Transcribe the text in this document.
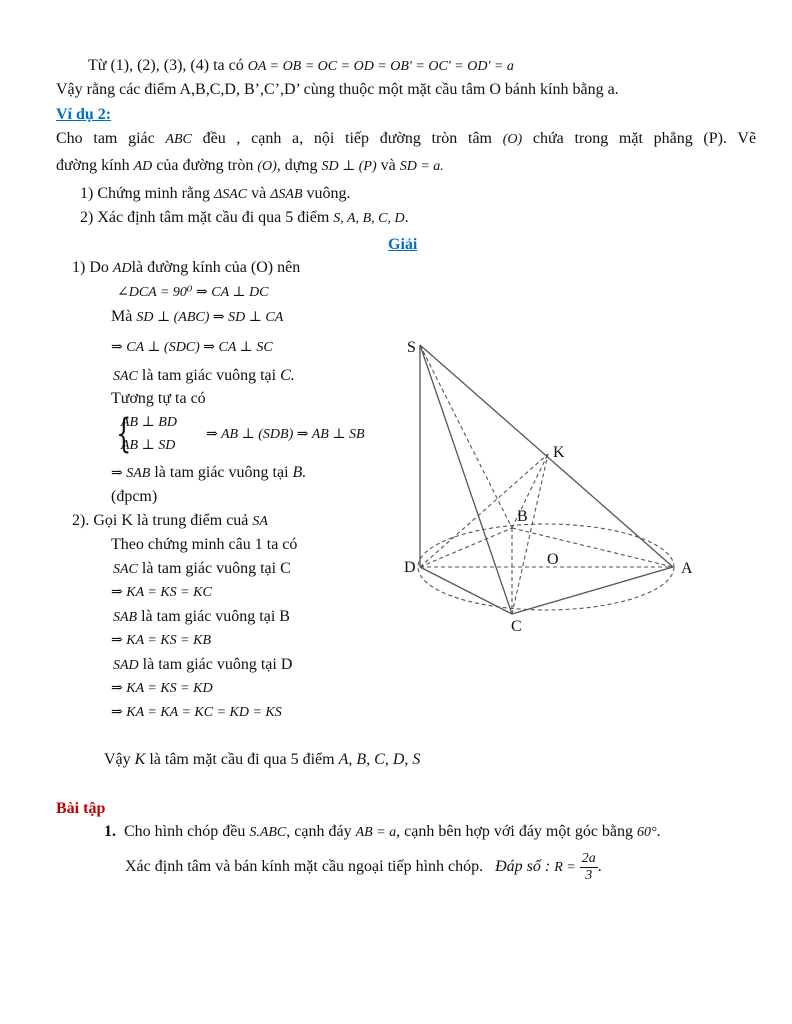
Từ (1), (2), (3), (4) ta có OA = OB = OC = OD = OB' = OC' = OD' = a
Vậy rằng các điểm A,B,C,D, B’,C’,D’ cùng thuộc một mặt cầu tâm O bánh kính bằng a.
Ví dụ 2:
Cho tam giác ABC đều , cạnh a, nội tiếp đường tròn tâm (O) chứa trong mặt phẳng (P). Vẽ
đường kính AD của đường tròn (O), dựng SD ⊥ (P) và SD = a.
1) Chứng minh rằng ΔSAC và ΔSAB vuông.
2) Xác định tâm mặt cầu đi qua 5 điểm S, A, B, C, D.
Giải
1) Do ADlà đường kính của (O) nên
∠DCA = 90⁰ ⇒ CA ⊥ DC
Mà SD ⊥ (ABC) ⇒ SD ⊥ CA
⇒ CA ⊥ (SDC) ⇒ CA ⊥ SC
SAC là tam giác vuông tại C.
Tương tự ta có
{
AB ⊥ BD
AB ⊥ SD
⇒ AB ⊥ (SDB) ⇒ AB ⊥ SB
⇒ SAB là tam giác vuông tại B.
(đpcm)
2). Gọi K là trung điểm cuả SA
Theo chứng minh câu 1 ta có
SAC là tam giác vuông tại C
⇒ KA = KS = KC
SAB là tam giác vuông tại B
⇒ KA = KS = KB
SAD là tam giác vuông tại D
⇒ KA = KS = KD
⇒ KA = KA = KC = KD = KS
Vậy K là tâm mặt cầu đi qua 5 điểm A, B, C, D, S
S
K
B
O
D	A
C
Bài tập
1. Cho hình chóp đều S.ABC, cạnh đáy AB = a, cạnh bên hợp với đáy một góc bằng 60°.
Xác định tâm và bán kính mặt cầu ngoại tiếp hình chóp. Đáp số : $R = \frac{2a}{3}$ .
